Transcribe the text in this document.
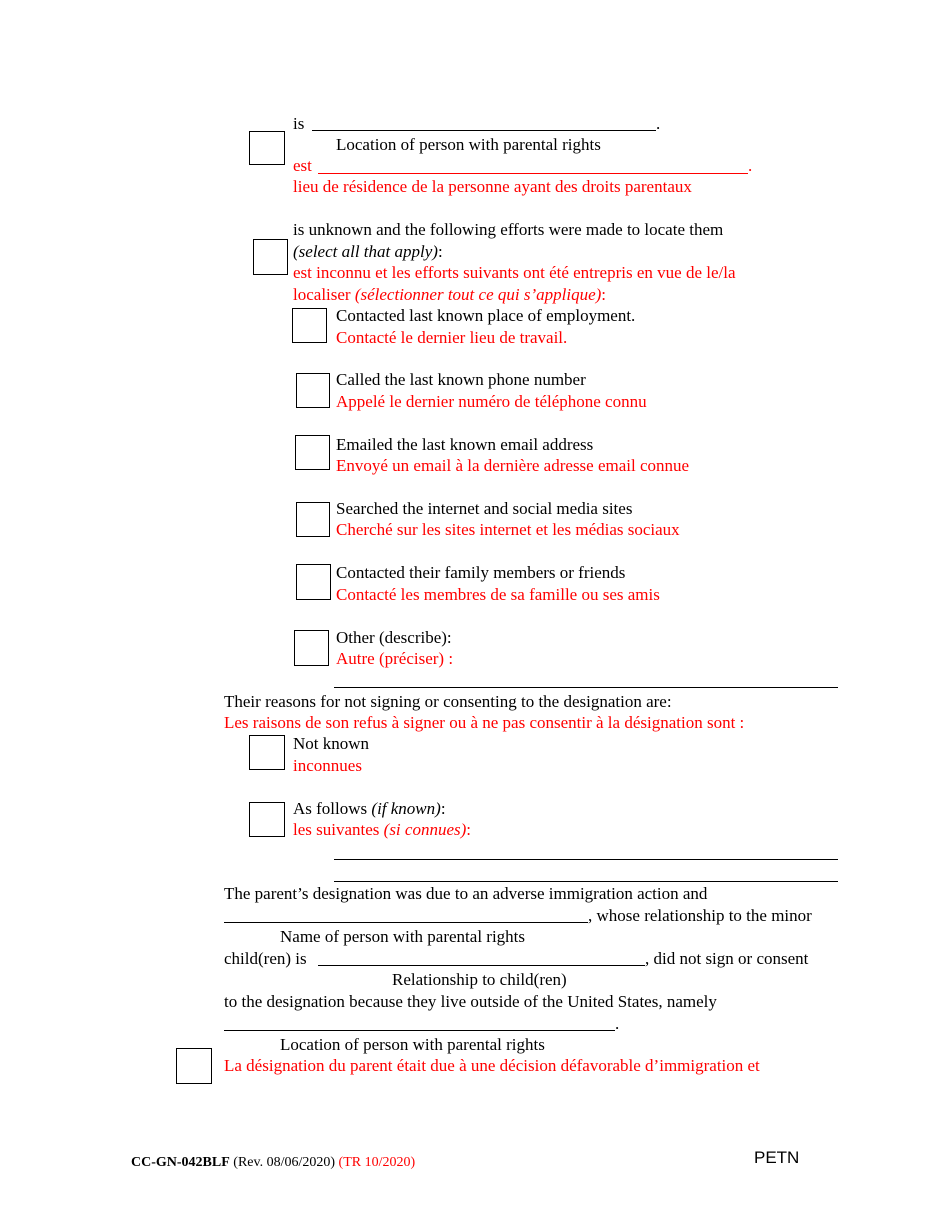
is	.
Location of person with parental rights
est	.
lieu de résidence de la personne ayant des droits parentaux
is unknown and the following efforts were made to locate them
(select all that apply):
est inconnu et les efforts suivants ont été entrepris en vue de le/la
localiser (sélectionner tout ce qui s’applique):
Contacted last known place of employment.
Contacté le dernier lieu de travail.
Called the last known phone number
Appelé le dernier numéro de téléphone connu
Emailed the last known email address
Envoyé un email à la dernière adresse email connue
Searched the internet and social media sites
Cherché sur les sites internet et les médias sociaux
Contacted their family members or friends
Contacté les membres de sa famille ou ses amis
Other (describe):
Autre (préciser) :
Their reasons for not signing or consenting to the designation are:
Les raisons de son refus à signer ou à ne pas consentir à la désignation sont :
Not known
inconnues
As follows (if known):
les suivantes (si connues):
The parent’s designation was due to an adverse immigration action and
, whose relationship to the minor
Name of person with parental rights
child(ren) is	, did not sign or consent
Relationship to child(ren)
to the designation because they live outside of the United States, namely
.
Location of person with parental rights
La désignation du parent était due à une décision défavorable d’immigration et
CC-GN-042BLF (Rev. 08/06/2020) (TR 10/2020)	PETN
